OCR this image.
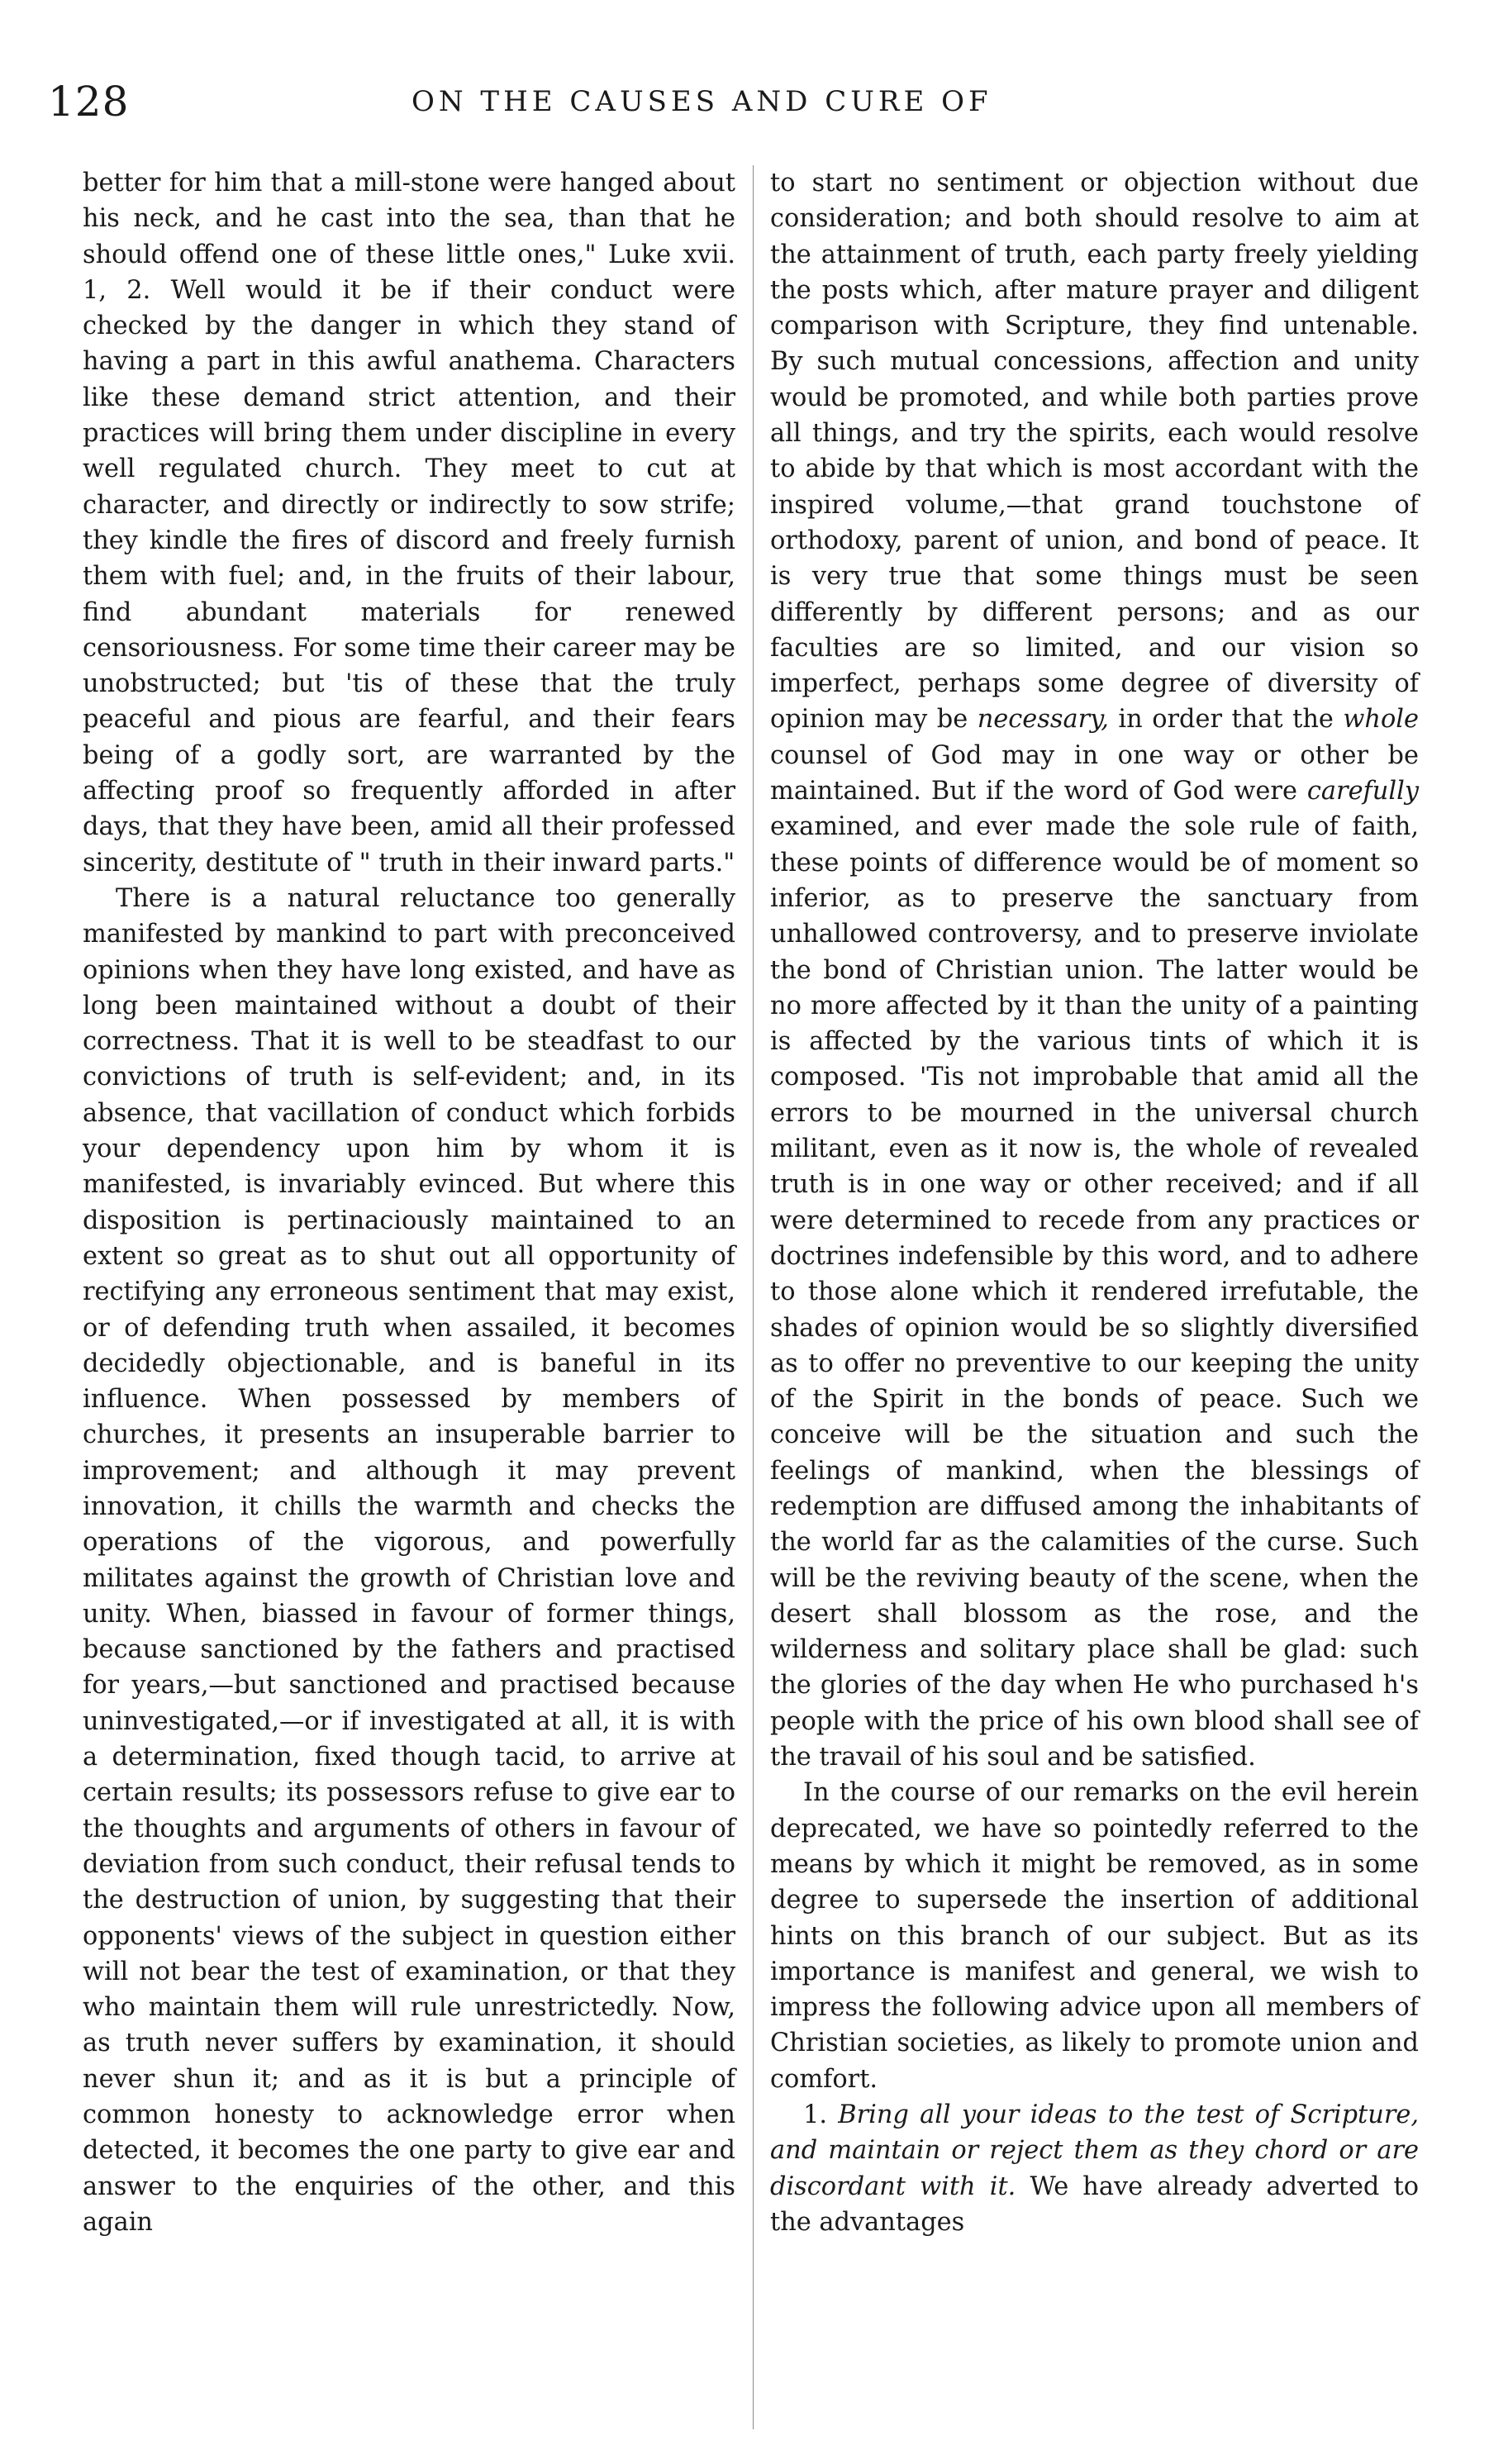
128	ON THE CAUSES AND CURE OF

better for him that a mill-stone were hanged about his neck, and he cast into the sea, than that he should offend one of these little ones," Luke xvii. 1, 2. Well would it be if their conduct were checked by the danger in which they stand of having a part in this awful anathema. Characters like these demand strict attention, and their practices will bring them under discipline in every well regulated church. They meet to cut at character, and directly or indirectly to sow strife; they kindle the fires of discord and freely furnish them with fuel; and, in the fruits of their labour, find abundant materials for renewed censoriousness. For some time their career may be unobstructed; but 'tis of these that the truly peaceful and pious are fearful, and their fears being of a godly sort, are warranted by the affecting proof so frequently afforded in after days, that they have been, amid all their professed sincerity, destitute of " truth in their inward parts."

There is a natural reluctance too generally manifested by mankind to part with preconceived opinions when they have long existed, and have as long been maintained without a doubt of their correctness. That it is well to be steadfast to our convictions of truth is self-evident; and, in its absence, that vacillation of conduct which forbids your dependency upon him by whom it is manifested, is invariably evinced. But where this disposition is pertinaciously maintained to an extent so great as to shut out all opportunity of rectifying any erroneous sentiment that may exist, or of defending truth when assailed, it becomes decidedly objectionable, and is baneful in its influence. When possessed by members of churches, it presents an insuperable barrier to improvement; and although it may prevent innovation, it chills the warmth and checks the operations of the vigorous, and powerfully militates against the growth of Christian love and unity. When, biassed in favour of former things, because sanctioned by the fathers and practised for years,—but sanctioned and practised because uninvestigated,—or if investigated at all, it is with a determination, fixed though tacid, to arrive at certain results; its possessors refuse to give ear to the thoughts and arguments of others in favour of deviation from such conduct, their refusal tends to the destruction of union, by suggesting that their opponents' views of the subject in question either will not bear the test of examination, or that they who maintain them will rule unrestrictedly. Now, as truth never suffers by examination, it should never shun it; and as it is but a principle of common honesty to acknowledge error when detected, it becomes the one party to give ear and answer to the enquiries of the other, and this again

to start no sentiment or objection without due consideration; and both should resolve to aim at the attainment of truth, each party freely yielding the posts which, after mature prayer and diligent comparison with Scripture, they find untenable. By such mutual concessions, affection and unity would be promoted, and while both parties prove all things, and try the spirits, each would resolve to abide by that which is most accordant with the inspired volume,—that grand touchstone of orthodoxy, parent of union, and bond of peace. It is very true that some things must be seen differently by different persons; and as our faculties are so limited, and our vision so imperfect, perhaps some degree of diversity of opinion may be necessary, in order that the whole counsel of God may in one way or other be maintained. But if the word of God were carefully examined, and ever made the sole rule of faith, these points of difference would be of moment so inferior, as to preserve the sanctuary from unhallowed controversy, and to preserve inviolate the bond of Christian union. The latter would be no more affected by it than the unity of a painting is affected by the various tints of which it is composed. 'Tis not improbable that amid all the errors to be mourned in the universal church militant, even as it now is, the whole of revealed truth is in one way or other received; and if all were determined to recede from any practices or doctrines indefensible by this word, and to adhere to those alone which it rendered irrefutable, the shades of opinion would be so slightly diversified as to offer no preventive to our keeping the unity of the Spirit in the bonds of peace. Such we conceive will be the situation and such the feelings of mankind, when the blessings of redemption are diffused among the inhabitants of the world far as the calamities of the curse. Such will be the reviving beauty of the scene, when the desert shall blossom as the rose, and the wilderness and solitary place shall be glad: such the glories of the day when He who purchased h's people with the price of his own blood shall see of the travail of his soul and be satisfied.

In the course of our remarks on the evil herein deprecated, we have so pointedly referred to the means by which it might be removed, as in some degree to supersede the insertion of additional hints on this branch of our subject. But as its importance is manifest and general, we wish to impress the following advice upon all members of Christian societies, as likely to promote union and comfort.

1. Bring all your ideas to the test of Scripture, and maintain or reject them as they chord or are discordant with it. We have already adverted to the advantages
